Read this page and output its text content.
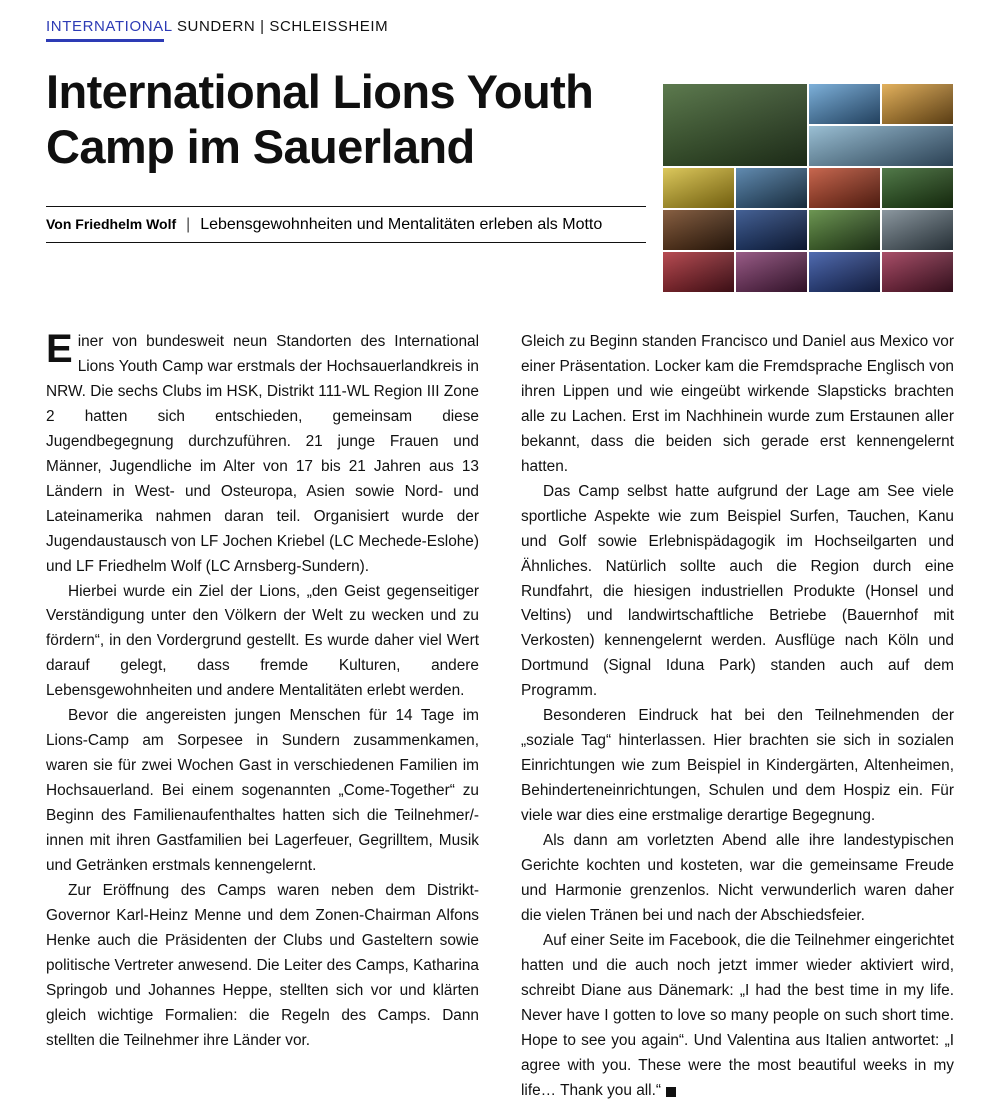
INTERNATIONAL SUNDERN | SCHLEISSHEIM
International Lions Youth Camp im Sauerland
Von Friedhelm Wolf | Lebensgewohnheiten und Mentalitäten erleben als Motto

Einer von bundesweit neun Standorten des International Lions Youth Camp war erstmals der Hochsauerlandkreis in NRW. Die sechs Clubs im HSK, Distrikt 111-WL Region III Zone 2 hatten sich entschieden, gemeinsam diese Jugendbegegnung durchzuführen. 21 junge Frauen und Männer, Jugendliche im Alter von 17 bis 21 Jahren aus 13 Ländern in West- und Osteuropa, Asien sowie Nord- und Lateinamerika nahmen daran teil. Organisiert wurde der Jugendaustausch von LF Jochen Kriebel (LC Mechede-Eslohe) und LF Friedhelm Wolf (LC Arnsberg-Sundern).

Hierbei wurde ein Ziel der Lions, „den Geist gegenseitiger Verständigung unter den Völkern der Welt zu wecken und zu fördern“, in den Vordergrund gestellt. Es wurde daher viel Wert darauf gelegt, dass fremde Kulturen, andere Lebensgewohnheiten und andere Mentalitäten erlebt werden.

Bevor die angereisten jungen Menschen für 14 Tage im Lions-Camp am Sorpesee in Sundern zusammenkamen, waren sie für zwei Wochen Gast in verschiedenen Familien im Hochsauerland. Bei einem sogenannten „Come-Together“ zu Beginn des Familienaufenthaltes hatten sich die Teilnehmer/-innen mit ihren Gastfamilien bei Lagerfeuer, Gegrilltem, Musik und Getränken erstmals kennengelernt.

Zur Eröffnung des Camps waren neben dem Distrikt-Governor Karl-Heinz Menne und dem Zonen-Chairman Alfons Henke auch die Präsidenten der Clubs und Gasteltern sowie politische Vertreter anwesend. Die Leiter des Camps, Katharina Springob und Johannes Heppe, stellten sich vor und klärten gleich wichtige Formalien: die Regeln des Camps. Dann stellten die Teilnehmer ihre Länder vor.

Gleich zu Beginn standen Francisco und Daniel aus Mexico vor einer Präsentation. Locker kam die Fremdsprache Englisch von ihren Lippen und wie eingeübt wirkende Slapsticks brachten alle zu Lachen. Erst im Nachhinein wurde zum Erstaunen aller bekannt, dass die beiden sich gerade erst kennengelernt hatten.

Das Camp selbst hatte aufgrund der Lage am See viele sportliche Aspekte wie zum Beispiel Surfen, Tauchen, Kanu und Golf sowie Erlebnispädagogik im Hochseilgarten und Ähnliches. Natürlich sollte auch die Region durch eine Rundfahrt, die hiesigen industriellen Produkte (Honsel und Veltins) und landwirtschaftliche Betriebe (Bauernhof mit Verkosten) kennengelernt werden. Ausflüge nach Köln und Dortmund (Signal Iduna Park) standen auch auf dem Programm.

Besonderen Eindruck hat bei den Teilnehmenden der „soziale Tag“ hinterlassen. Hier brachten sie sich in sozialen Einrichtungen wie zum Beispiel in Kindergärten, Altenheimen, Behinderteneinrichtungen, Schulen und dem Hospiz ein. Für viele war dies eine erstmalige derartige Begegnung.

Als dann am vorletzten Abend alle ihre landestypischen Gerichte kochten und kosteten, war die gemeinsame Freude und Harmonie grenzenlos. Nicht verwunderlich waren daher die vielen Tränen bei und nach der Abschiedsfeier.

Auf einer Seite im Facebook, die die Teilnehmer eingerichtet hatten und die auch noch jetzt immer wieder aktiviert wird, schreibt Diane aus Dänemark: „I had the best time in my life. Never have I gotten to love so many people on such short time. Hope to see you again“. Und Valentina aus Italien antwortet: „I agree with you. These were the most beautiful weeks in my life… Thank you all.“	L
